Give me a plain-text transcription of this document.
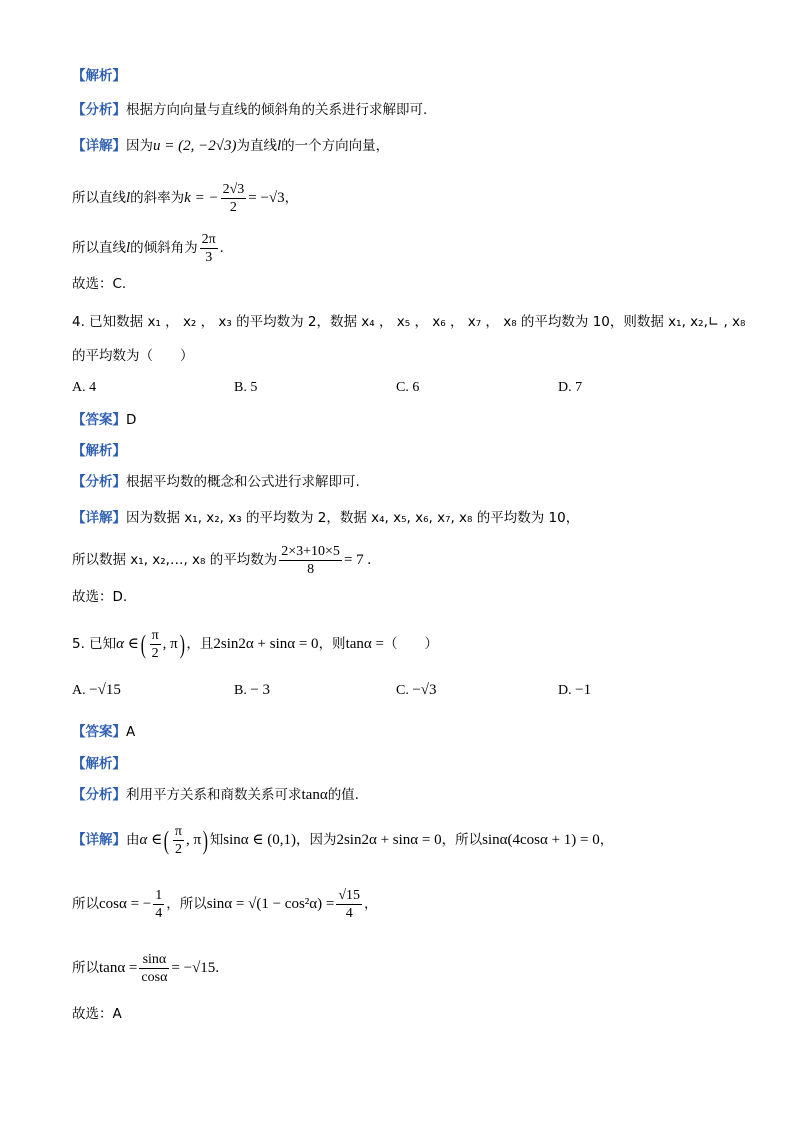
【解析】
【分析】根据方向向量与直线的倾斜角的关系进行求解即可.
【详解】因为u = (2, −2√3)为直线l的一个方向向量，
所以直线l的斜率为k = − $\frac{2√3}{2} = -√3$，
所以直线l的倾斜角为 $\frac{2\pi}{3}$ .
故选：C.
4. 已知数据 x₁ ， x₂ ， x₃ 的平均数为 2，数据 x₄ ， x₅ ， x₆ ， x₇ ， x₈ 的平均数为 10，则数据 x₁, x₂,∟ , x₈
的平均数为（　　）
A. 4	B. 5	C. 6	D. 7
【答案】D
【解析】
【分析】根据平均数的概念和公式进行求解即可.
【详解】因为数据 x₁, x₂, x₃ 的平均数为 2，数据 x₄, x₅, x₆, x₇, x₈ 的平均数为 10，
所以数据 x₁, x₂,…, x₈ 的平均数为 $\frac{2\times 3+10\times 5}{8} = 7$ .
故选：D.
5. 已知α ∈( $\frac{\pi}{2}$ , π) ，且2sin2α + sinα = 0，则tanα =（　　）
A. −√15	B. − 3	C. −√3	D. −1
【答案】A
【解析】
【分析】利用平方关系和商数关系可求tanα的值.
【详解】由α ∈( $\frac{\pi}{2}$ , π) 知sinα ∈ (0,1)，因为2sin2α + sinα = 0，所以sinα(4cosα + 1) = 0，
所以cosα = − $\frac{1}{4}$ ，所以$\sin\alpha = √(1 - \cos^2\alpha) = \frac{√15}{4}$ ，
所以$\tan\alpha = \frac{\sin\alpha}{\cos\alpha} = -√15$.
故选：A
